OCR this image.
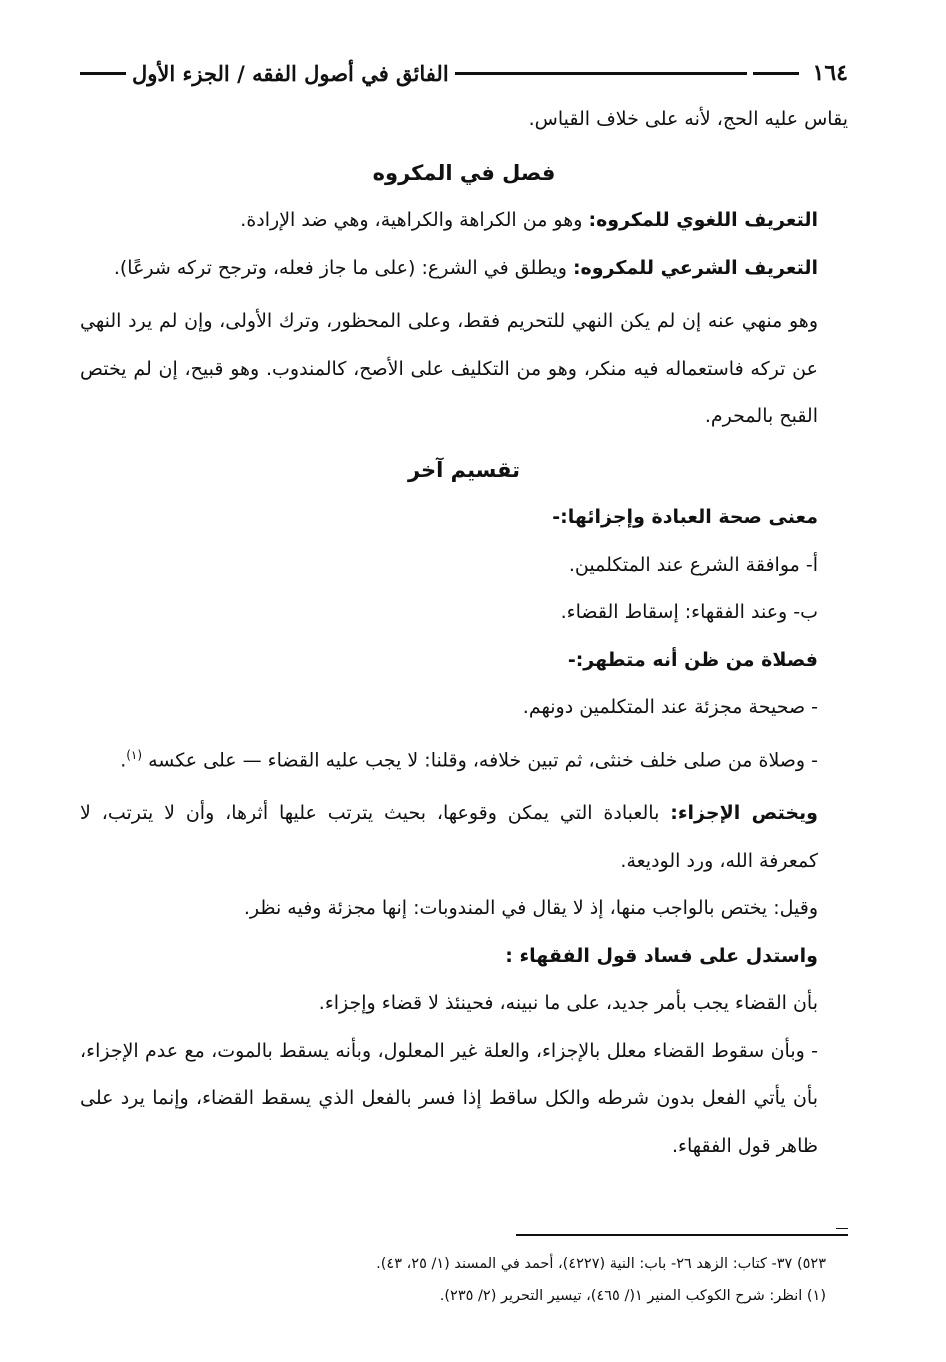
١٦٤
الفائق في أصول الفقه / الجزء الأول

يقاس عليه الحج، لأنه على خلاف القياس.

فصل في المكروه

التعريف اللغوي للمكروه: وهو من الكراهة والكراهية، وهي ضد الإرادة.

التعريف الشرعي للمكروه: ويطلق في الشرع: (على ما جاز فعله، وترجح تركه شرعًا).

وهو منهي عنه إن لم يكن النهي للتحريم فقط، وعلى المحظور، وترك الأولى، وإن لم يرد النهي عن تركه فاستعماله فيه منكر، وهو من التكليف على الأصح، كالمندوب. وهو قبيح، إن لم يختص القبح بالمحرم.

تقسيم آخر

معنى صحة العبادة وإجزائها:-

أ- موافقة الشرع عند المتكلمين.

ب- وعند الفقهاء: إسقاط القضاء.

فصلاة من ظن أنه متطهر:-

- صحيحة مجزئة عند المتكلمين دونهم.

- وصلاة من صلى خلف خنثى، ثم تبين خلافه، وقلنا: لا يجب عليه القضاء — على عكسه $^{(١)}$.

ويختص الإجزاء: بالعبادة التي يمكن وقوعها، بحيث يترتب عليها أثرها، وأن لا يترتب، لا كمعرفة الله، ورد الوديعة.

وقيل: يختص بالواجب منها، إذ لا يقال في المندوبات: إنها مجزئة وفيه نظر.

واستدل على فساد قول الفقهاء :

بأن القضاء يجب بأمر جديد، على ما نبينه، فحينئذ لا قضاء وإجزاء.

- وبأن سقوط القضاء معلل بالإجزاء، والعلة غير المعلول، وبأنه يسقط بالموت، مع عدم الإجزاء، بأن يأتي الفعل بدون شرطه والكل ساقط إذا فسر بالفعل الذي يسقط القضاء، وإنما يرد على ظاهر قول الفقهاء.

٥٢٣) ٣٧- كتاب: الزهد ٢٦- باب: النية (٤٢٢٧)، أحمد في المسند (١/ ٢٥، ٤٣).

(١) انظر: شرح الكوكب المنير ١(/ ٤٦٥)، تيسير التحرير (٢/ ٢٣٥).
